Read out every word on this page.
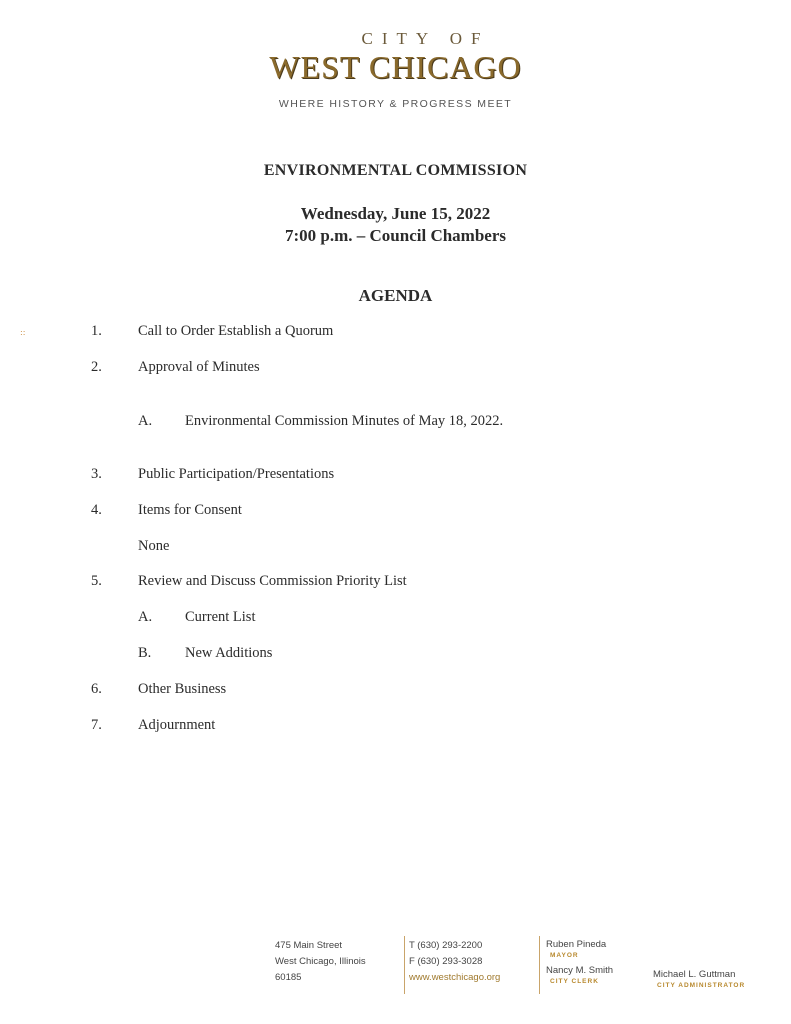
CITY OF
WEST CHICAGO
WHERE HISTORY & PROGRESS MEET
ENVIRONMENTAL COMMISSION
Wednesday, June 15, 2022
7:00 p.m. – Council Chambers
AGENDA
::	1.	Call to Order Establish a Quorum
2.	Approval of Minutes
A. Environmental Commission Minutes of May 18, 2022.
3.	Public Participation/Presentations
4.	Items for Consent
None
5.	Review and Discuss Commission Priority List
A. Current List
B. New Additions
6.	Other Business
7.	Adjournment
475 Main Street
West Chicago, Illinois
60185
T (630) 293-2200
F (630) 293-3028
www.westchicago.org
Ruben Pineda
MAYOR
Nancy M. Smith
CITY CLERK
Michael L. Guttman
CITY ADMINISTRATOR
